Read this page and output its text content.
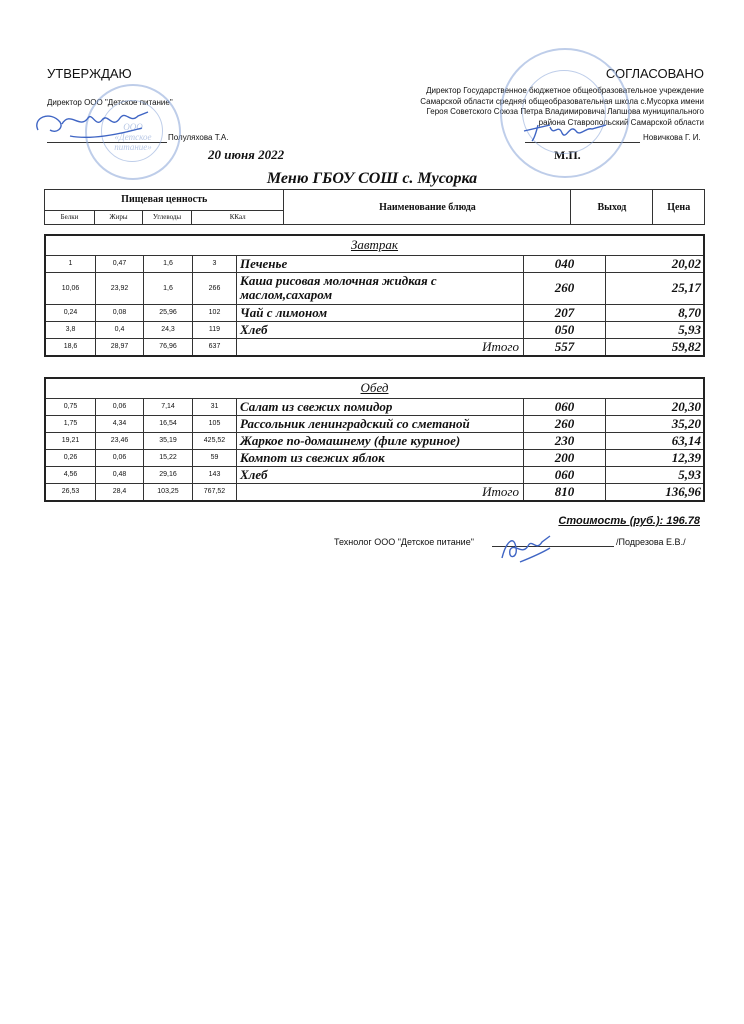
УТВЕРЖДАЮ
Директор ООО "Детское питание"
Полуляхова Т.А.
ООО «Детское питание»	20 июня 2022
СОГЛАСОВАНО
Директор Государственное бюджетное общеобразовательное учреждение
Самарской области средняя общеобразовательная школа с.Мусорка имени
Героя Советского Союза Петра Владимировича Лапшова муниципального
района Ставропольский Самарской области
Новичкова Г. И.
М.П.
Меню ГБОУ СОШ с. Мусорка
Пищевая ценность				Наименование блюда	Выход	Цена
Белки	Жиры	Углеводы	ККал			
Завтрак						
1	0,47	1,6	3	Печенье	040	20,02
10,06	23,92	1,6	266	Каша рисовая молочная жидкая с маслом,сахаром	260	25,17
0,24	0,08	25,96	102	Чай с лимоном	207	8,70
3,8	0,4	24,3	119	Хлеб	050	5,93
18,6	28,97	76,96	637	Итого	557	59,82
Обед						
0,75	0,06	7,14	31	Салат из свежих помидор	060	20,30
1,75	4,34	16,54	105	Рассольник ленинградский со сметаной	260	35,20
19,21	23,46	35,19	425,52	Жаркое по-домашнему (филе куриное)	230	63,14
0,26	0,06	15,22	59	Компот из свежих яблок	200	12,39
4,56	0,48	29,16	143	Хлеб	060	5,93
26,53	28,4	103,25	767,52	Итого	810	136,96
Стоимость (руб.): 196.78
Технолог ООО "Детское питание"	/Подрезова Е.В./
